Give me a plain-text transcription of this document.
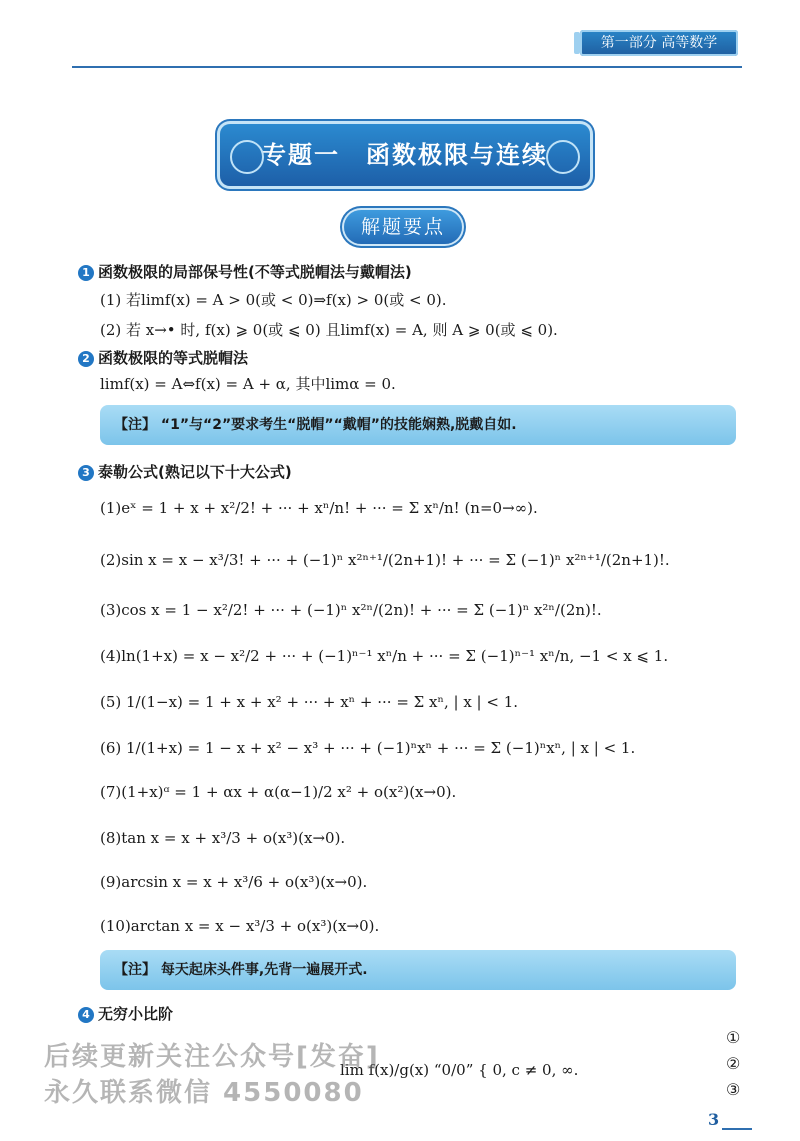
第一部分 高等数学
专题一　函数极限与连续
解题要点
1 函数极限的局部保号性(不等式脱帽法与戴帽法)
(1) 若limf(x) = A > 0(或 < 0)⇒f(x) > 0(或 < 0).
(2) 若 x→• 时, f(x) ⩾ 0(或 ⩽ 0) 且limf(x) = A, 则 A ⩾ 0(或 ⩽ 0).
2 函数极限的等式脱帽法
limf(x) = A⇔f(x) = A + α, 其中limα = 0.
【注】 “1”与“2”要求考生“脱帽”“戴帽”的技能娴熟,脱戴自如.
3 泰勒公式(熟记以下十大公式)
(1)eˣ = 1 + x + x²/2! + ··· + xⁿ/n! + ··· = Σ xⁿ/n! (n=0→∞).
(2)sin x = x − x³/3! + ··· + (−1)ⁿ x²ⁿ⁺¹/(2n+1)! + ··· = Σ (−1)ⁿ x²ⁿ⁺¹/(2n+1)!.
(3)cos x = 1 − x²/2! + ··· + (−1)ⁿ x²ⁿ/(2n)! + ··· = Σ (−1)ⁿ x²ⁿ/(2n)!.
(4)ln(1+x) = x − x²/2 + ··· + (−1)ⁿ⁻¹ xⁿ/n + ··· = Σ (−1)ⁿ⁻¹ xⁿ/n, −1 < x ⩽ 1.
(5) 1/(1−x) = 1 + x + x² + ··· + xⁿ + ··· = Σ xⁿ, | x | < 1.
(6) 1/(1+x) = 1 − x + x² − x³ + ··· + (−1)ⁿxⁿ + ··· = Σ (−1)ⁿxⁿ, | x | < 1.
(7)(1+x)ᵅ = 1 + αx + α(α−1)/2 x² + o(x²)(x→0).
(8)tan x = x + x³/3 + o(x³)(x→0).
(9)arcsin x = x + x³/6 + o(x³)(x→0).
(10)arctan x = x − x³/3 + o(x³)(x→0).
【注】 每天起床头件事,先背一遍展开式.
4 无穷小比阶
lim f(x)/g(x) “0/0” { 0, c ≠ 0, ∞.
①
②
③
后续更新关注公众号[发奋]
永久联系微信 4550080
3
